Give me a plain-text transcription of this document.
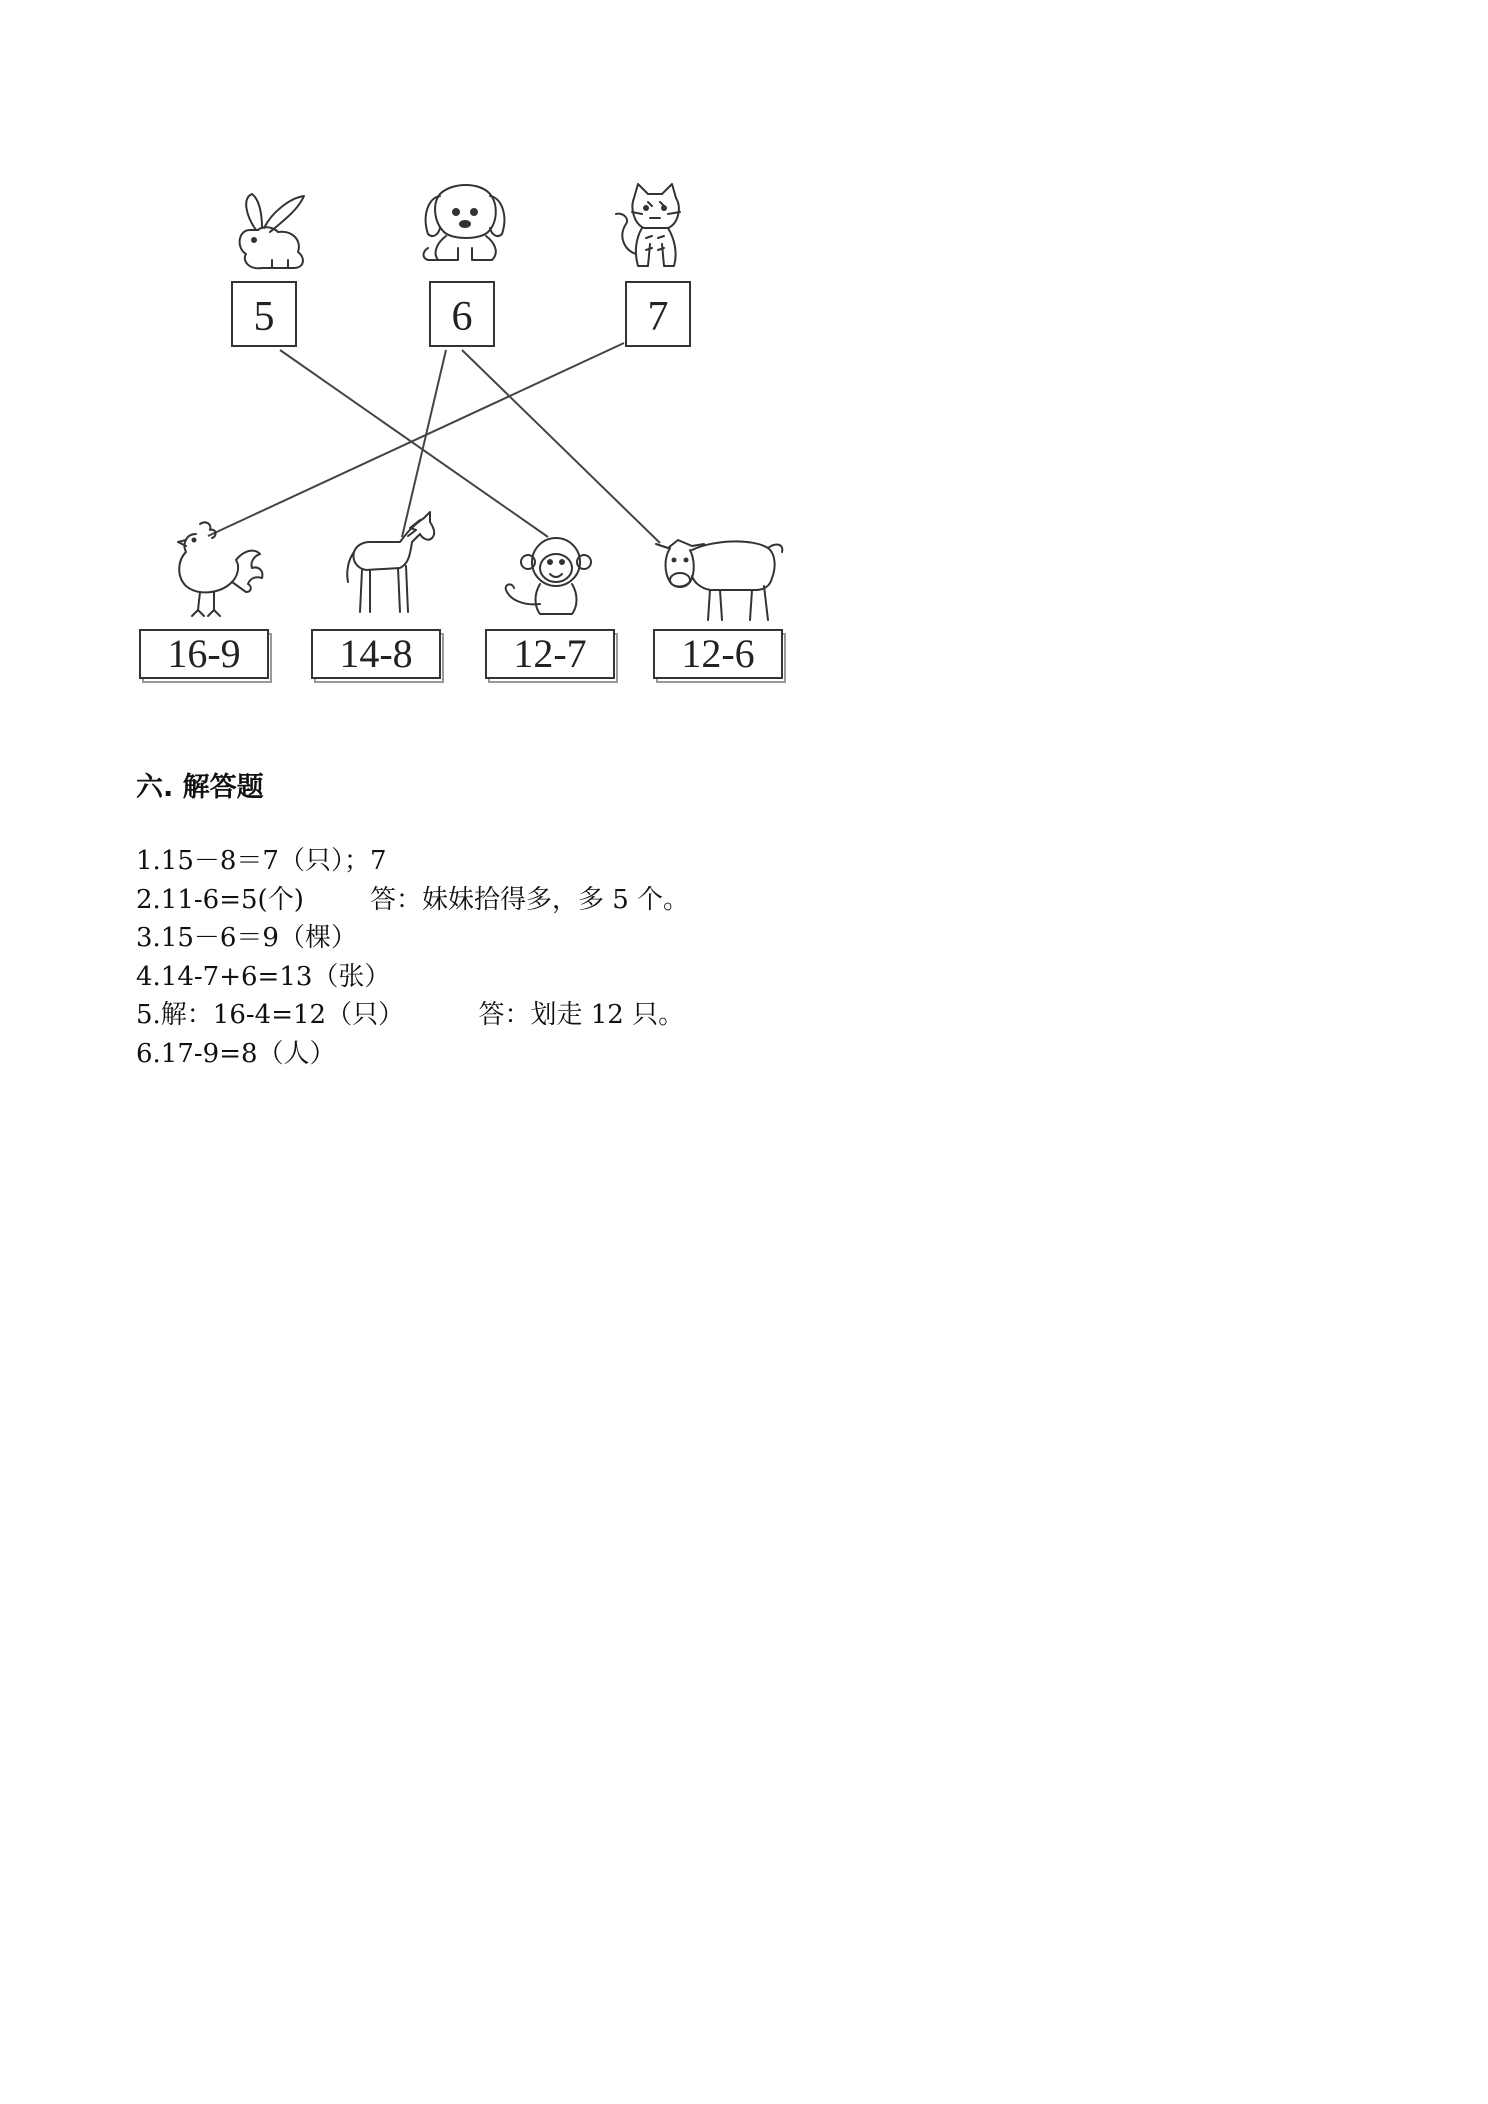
5	6	7
16-9 14-8	12-7 12-6
六. 解答题
1.15－8＝7（只）；7
2.11-6=5(个)        答：妹妹拾得多，多 5 个。
3.15－6＝9（棵）
4.14-7+6=13（张）
5.解：16-4=12（只）         答：划走 12 只。
6.17-9=8（人）
